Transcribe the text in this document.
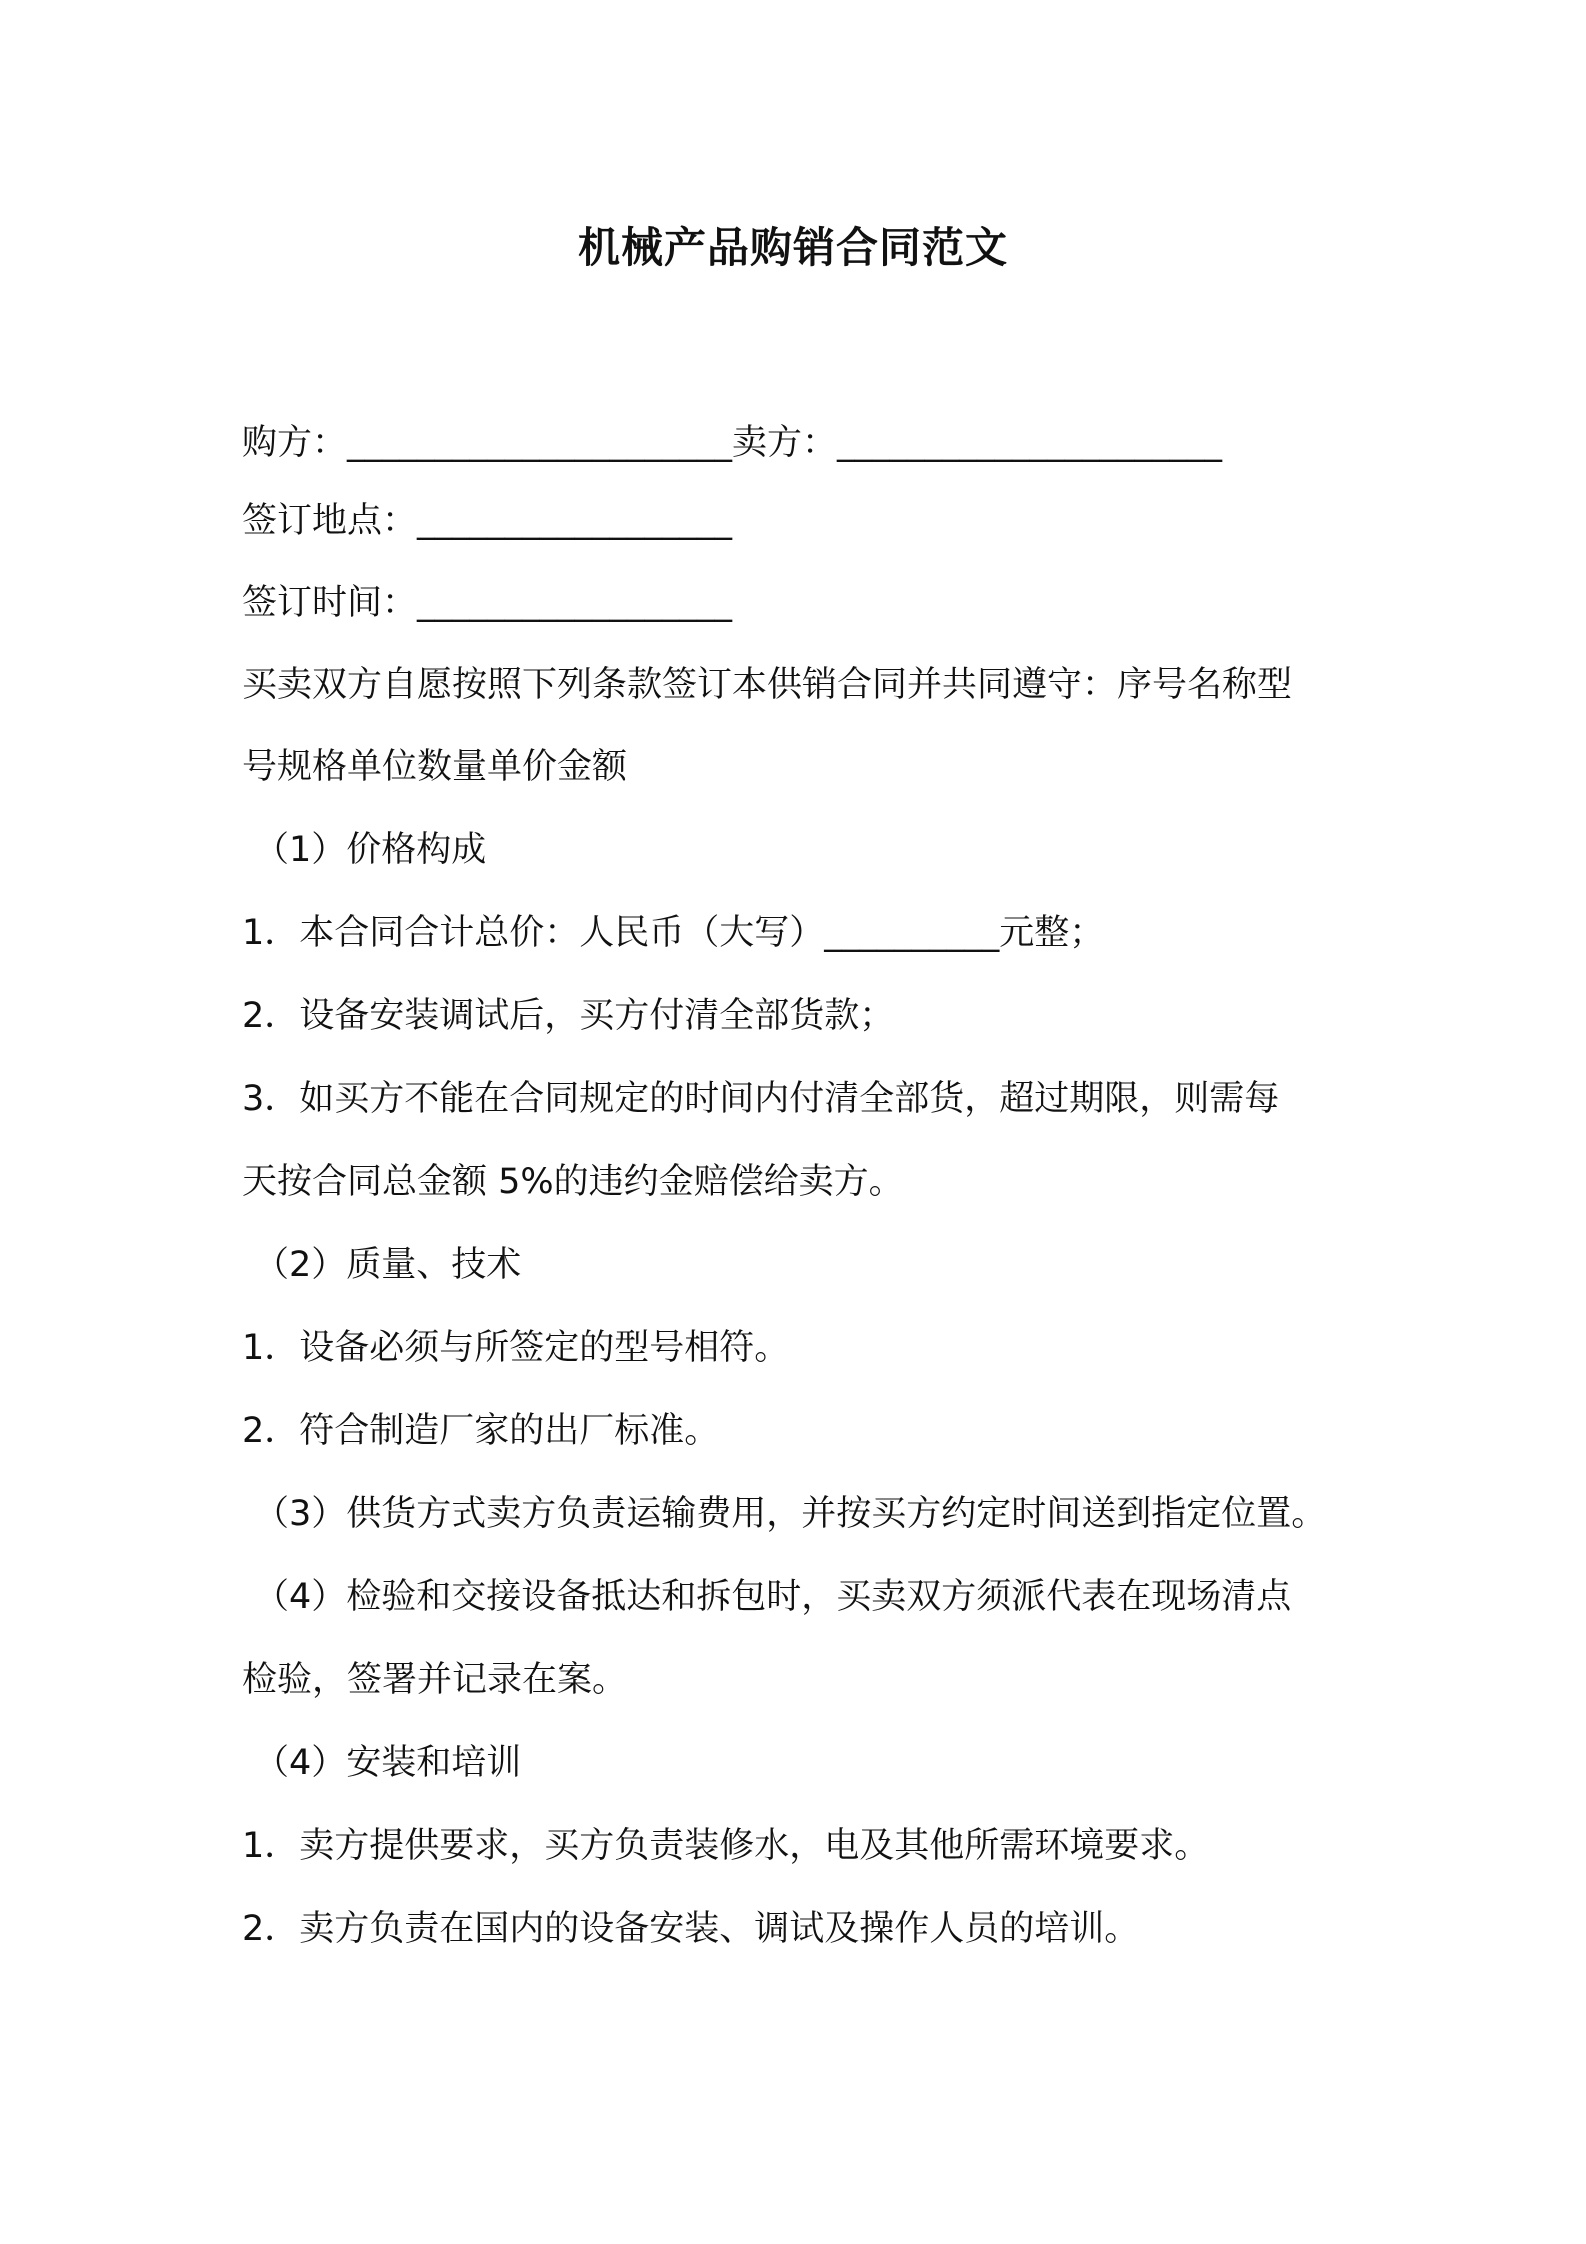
机械产品购销合同范文

购方：______________________卖方：______________________

签订地点：__________________

签订时间：__________________

买卖双方自愿按照下列条款签订本供销合同并共同遵守：序号名称型

号规格单位数量单价金额

（1）价格构成

1．本合同合计总价：人民币（大写）__________元整；

2．设备安装调试后，买方付清全部货款；

3．如买方不能在合同规定的时间内付清全部货，超过期限，则需每

天按合同总金额 5%的违约金赔偿给卖方。

（2）质量、技术

1．设备必须与所签定的型号相符。

2．符合制造厂家的出厂标准。

（3）供货方式卖方负责运输费用，并按买方约定时间送到指定位置。

（4）检验和交接设备抵达和拆包时，买卖双方须派代表在现场清点

检验，签署并记录在案。

（4）安装和培训

1．卖方提供要求，买方负责装修水，电及其他所需环境要求。

2．卖方负责在国内的设备安装、调试及操作人员的培训。
